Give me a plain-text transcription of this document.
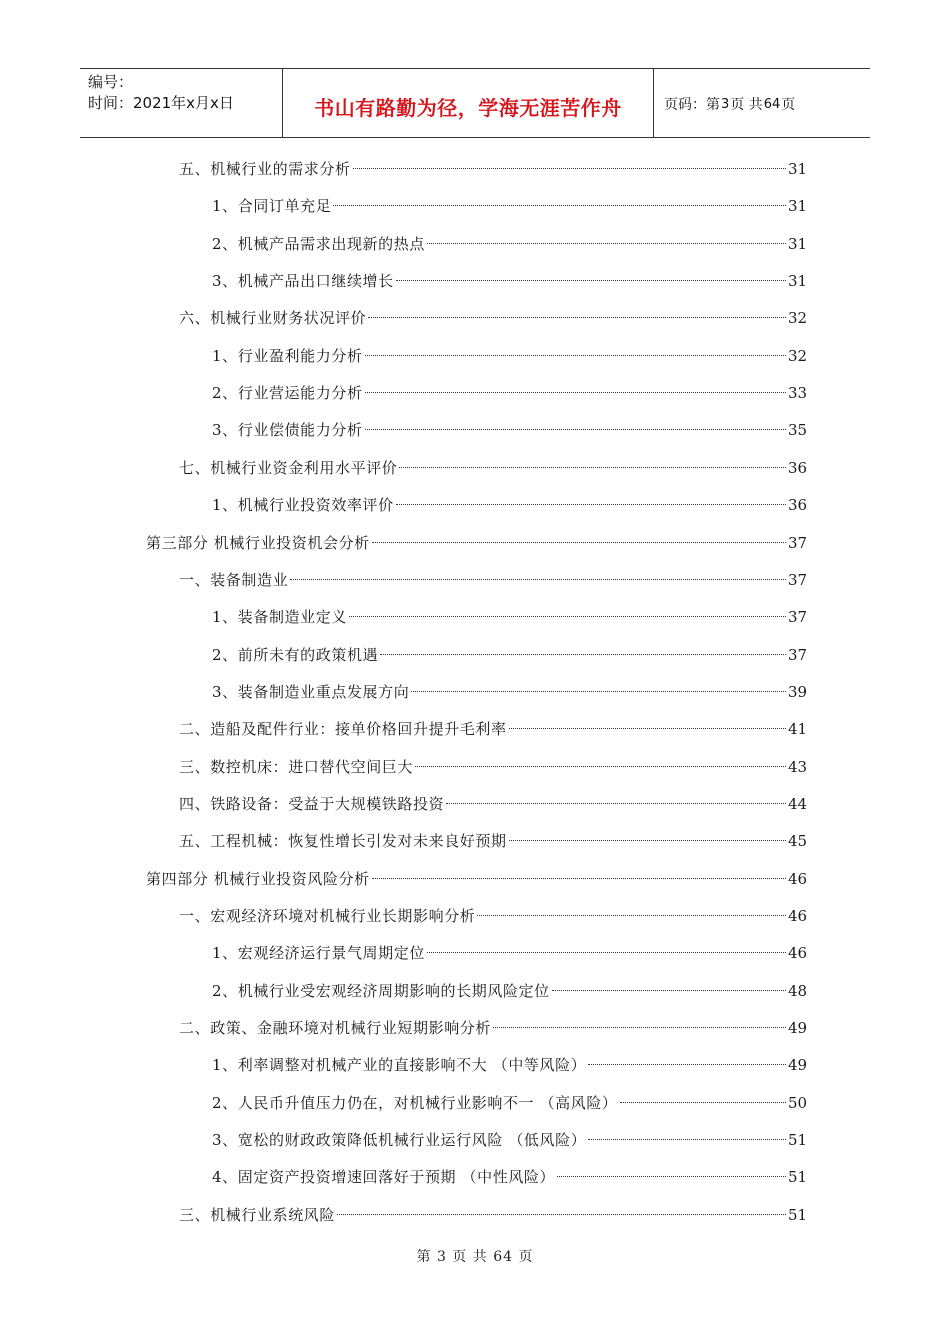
编号：
时间：2021年x月x日	书山有路勤为径，学海无涯苦作舟	页码：第 3 页 共 64 页
五、机械行业的需求分析	31
1、合同订单充足	31
2、机械产品需求出现新的热点	31
3、机械产品出口继续增长	31
六、机械行业财务状况评价	32
1、行业盈利能力分析	32
2、行业营运能力分析	33
3、行业偿债能力分析	35
七、机械行业资金利用水平评价	36
1、机械行业投资效率评价	36
第三部分 机械行业投资机会分析	37
一、装备制造业	37
1、装备制造业定义	37
2、前所未有的政策机遇	37
3、装备制造业重点发展方向	39
二、造船及配件行业：接单价格回升提升毛利率	41
三、数控机床：进口替代空间巨大	43
四、铁路设备：受益于大规模铁路投资	44
五、工程机械：恢复性增长引发对未来良好预期	45
第四部分 机械行业投资风险分析	46
一、宏观经济环境对机械行业长期影响分析	46
1、宏观经济运行景气周期定位	46
2、机械行业受宏观经济周期影响的长期风险定位	48
二、政策、金融环境对机械行业短期影响分析	49
1、利率调整对机械产业的直接影响不大 （中等风险）	49
2、人民币升值压力仍在，对机械行业影响不一 （高风险）	50
3、宽松的财政政策降低机械行业运行风险 （低风险）	51
4、固定资产投资增速回落好于预期 （中性风险）	51
三、机械行业系统风险	51
第 3 页 共 64 页
